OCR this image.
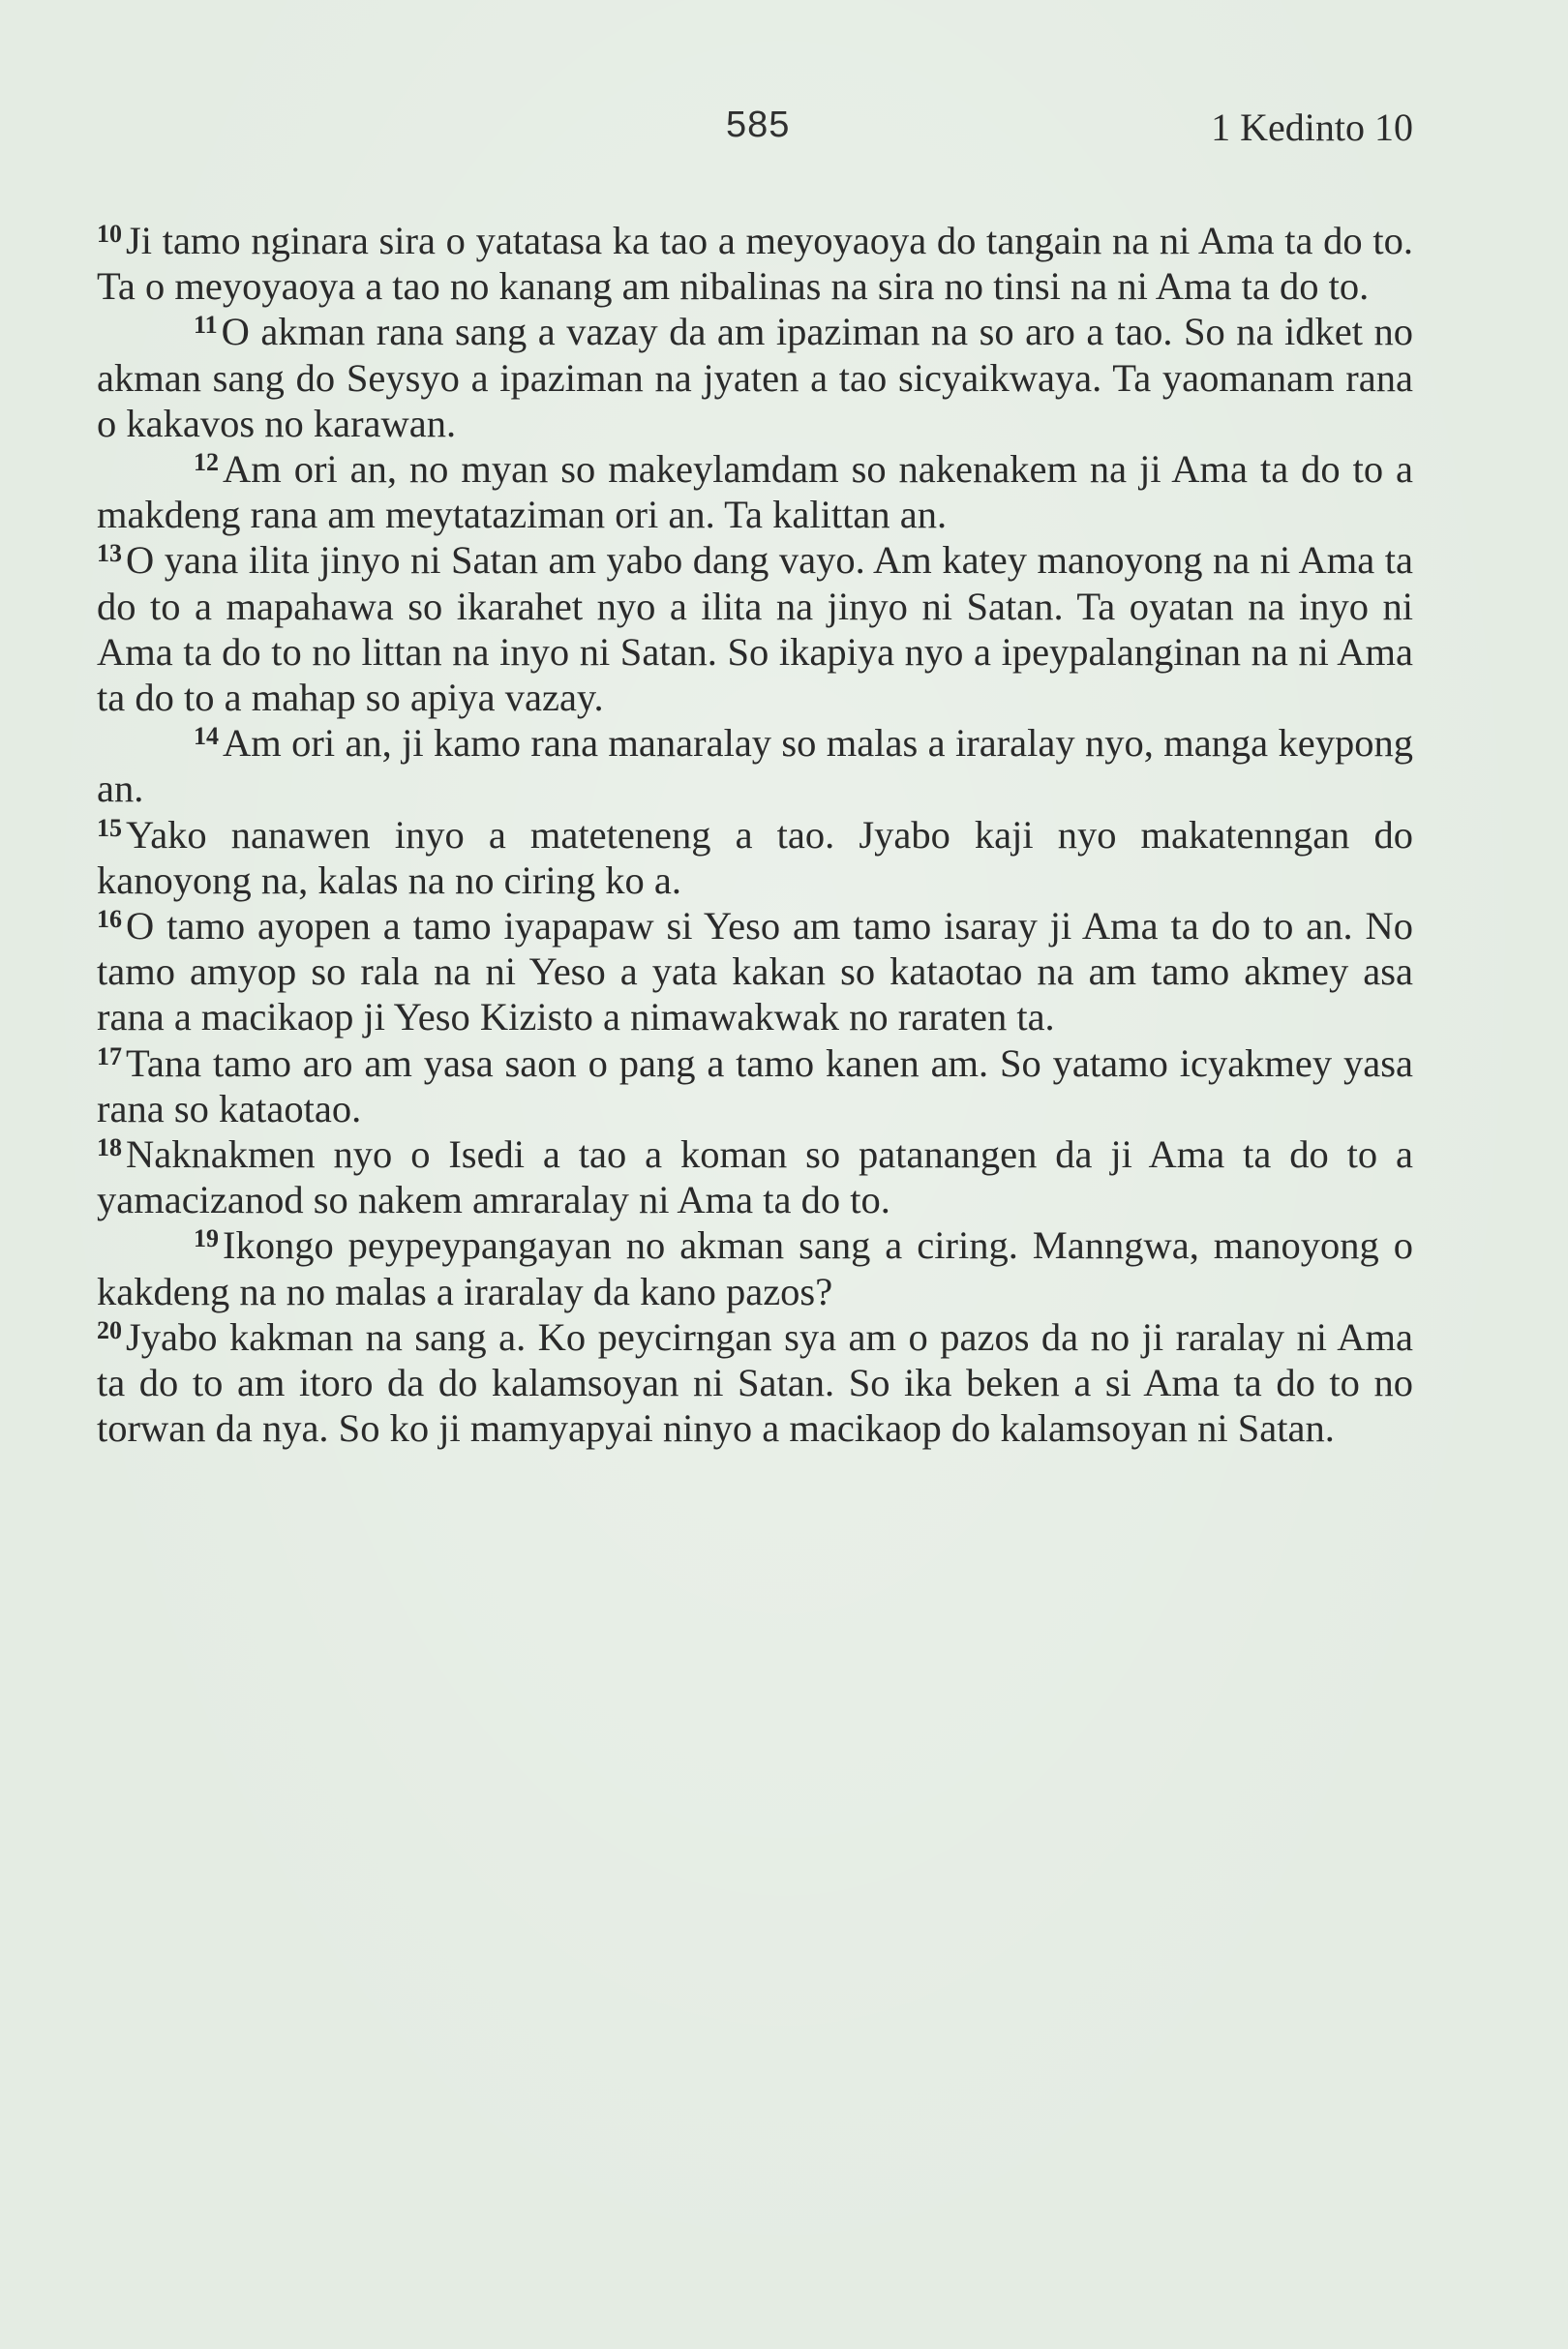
585	1 Kedinto 10

$^{10}$Ji tamo nginara sira o yatatasa ka tao a meyoyaoya do tangain na ni Ama ta do to. Ta o meyoyaoya a tao no kanang am nibalinas na sira no tinsi na ni Ama ta do to.

$^{11}$O akman rana sang a vazay da am ipaziman na so aro a tao. So na idket no akman sang do Seysyo a ipaziman na jyaten a tao sicyaikwaya. Ta yaomanam rana o kakavos no karawan.

$^{12}$Am ori an, no myan so makeylamdam so nakenakem na ji Ama ta do to a makdeng rana am meytataziman ori an. Ta kalittan an.

$^{13}$O yana ilita jinyo ni Satan am yabo dang vayo. Am katey manoyong na ni Ama ta do to a mapahawa so ikarahet nyo a ilita na jinyo ni Satan. Ta oyatan na inyo ni Ama ta do to no littan na inyo ni Satan. So ikapiya nyo a ipeypalanginan na ni Ama ta do to a mahap so apiya vazay.

$^{14}$Am ori an, ji kamo rana manaralay so malas a iraralay nyo, manga keypong an.

$^{15}$Yako nanawen inyo a mateteneng a tao. Jyabo kaji nyo makatenngan do kanoyong na, kalas na no ciring ko a.

$^{16}$O tamo ayopen a tamo iyapapaw si Yeso am tamo isaray ji Ama ta do to an. No tamo amyop so rala na ni Yeso a yata kakan so kataotao na am tamo akmey asa rana a macikaop ji Yeso Kizisto a nimawakwak no raraten ta.

$^{17}$Tana tamo aro am yasa saon o pang a tamo kanen am. So yatamo icyakmey yasa rana so kataotao.

$^{18}$Naknakmen nyo o Isedi a tao a koman so patanangen da ji Ama ta do to a yamacizanod so nakem amraralay ni Ama ta do to.

$^{19}$Ikongo peypeypangayan no akman sang a ciring. Manngwa, manoyong o kakdeng na no malas a iraralay da kano pazos?

$^{20}$Jyabo kakman na sang a. Ko peycirngan sya am o pazos da no ji raralay ni Ama ta do to am itoro da do kalamsoyan ni Satan. So ika beken a si Ama ta do to no torwan da nya. So ko ji mamyapyai ninyo a macikaop do kalamsoyan ni Satan.
